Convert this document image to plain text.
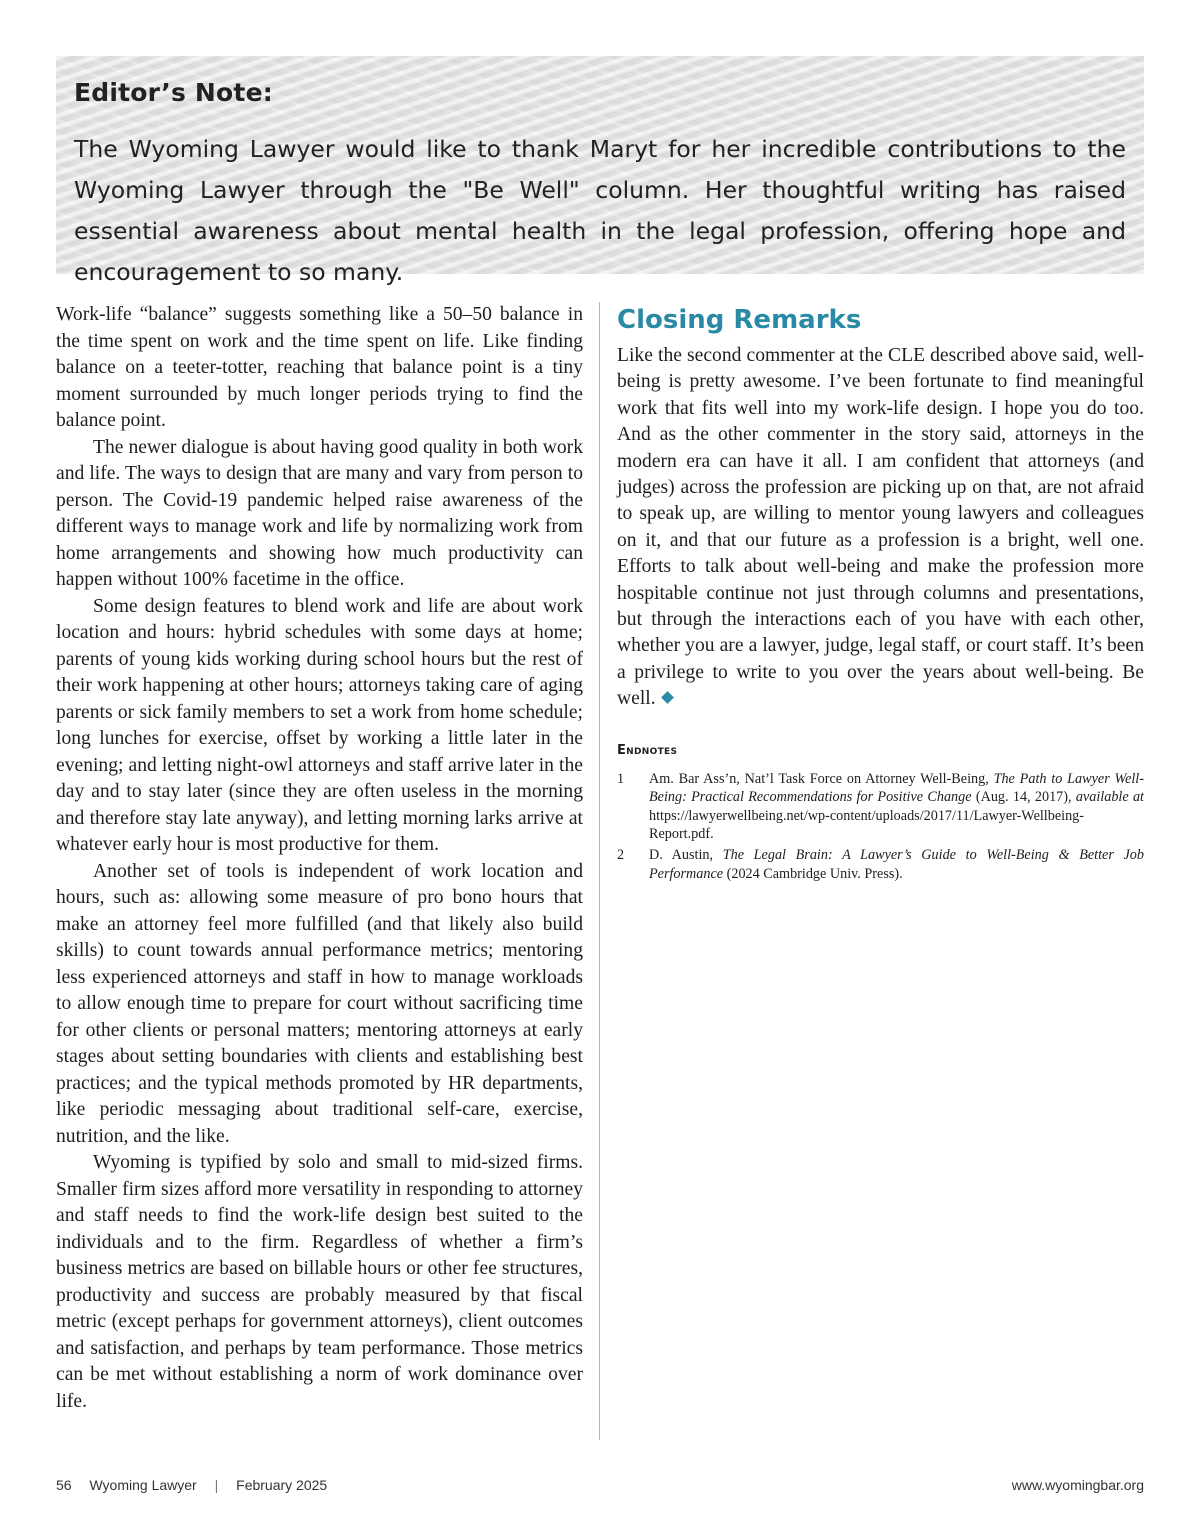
Editor’s Note:

The Wyoming Lawyer would like to thank Maryt for her incredible contributions to the Wyoming Lawyer through the "Be Well" column. Her thoughtful writing has raised essential awareness about mental health in the legal profession, offering hope and encouragement to so many.

Work-life “balance” suggests something like a 50–50 balance in the time spent on work and the time spent on life. Like finding balance on a teeter-totter, reaching that balance point is a tiny moment surrounded by much longer periods trying to find the balance point.

The newer dialogue is about having good quality in both work and life. The ways to design that are many and vary from person to person. The Covid-19 pandemic helped raise awareness of the different ways to manage work and life by normalizing work from home arrangements and showing how much productivity can happen without 100% facetime in the office.

Some design features to blend work and life are about work location and hours: hybrid schedules with some days at home; parents of young kids working during school hours but the rest of their work happening at other hours; attorneys taking care of aging parents or sick family members to set a work from home schedule; long lunches for exercise, offset by working a little later in the evening; and letting night-owl attorneys and staff arrive later in the day and to stay later (since they are often useless in the morning and therefore stay late anyway), and letting morning larks arrive at whatever early hour is most productive for them.

Another set of tools is independent of work location and hours, such as: allowing some measure of pro bono hours that make an attorney feel more fulfilled (and that likely also build skills) to count towards annual performance metrics; mentoring less experienced attorneys and staff in how to manage workloads to allow enough time to prepare for court without sacrificing time for other clients or personal matters; mentoring attorneys at early stages about setting boundaries with clients and establishing best practices; and the typical methods promoted by HR departments, like periodic messaging about traditional self-care, exercise, nutrition, and the like.

Wyoming is typified by solo and small to mid-sized firms. Smaller firm sizes afford more versatility in responding to attorney and staff needs to find the work-life design best suited to the individuals and to the firm. Regardless of whether a firm’s business metrics are based on billable hours or other fee structures, productivity and success are probably measured by that fiscal metric (except perhaps for government attorneys), client outcomes and satisfaction, and perhaps by team performance. Those metrics can be met without establishing a norm of work dominance over life.

Closing Remarks

Like the second commenter at the CLE described above said, well-being is pretty awesome. I’ve been fortunate to find meaningful work that fits well into my work-life design. I hope you do too. And as the other commenter in the story said, attorneys in the modern era can have it all. I am confident that attorneys (and judges) across the profession are picking up on that, are not afraid to speak up, are willing to mentor young lawyers and colleagues on it, and that our future as a profession is a bright, well one. Efforts to talk about well-being and make the profession more hospitable continue not just through columns and presentations, but through the interactions each of you have with each other, whether you are a lawyer, judge, legal staff, or court staff. It’s been a privilege to write to you over the years about well-being. Be well.

Endnotes
1	Am. Bar Ass’n, Nat’l Task Force on Attorney Well-Being, The Path to Lawyer Well-Being: Practical Recommendations for Positive Change (Aug. 14, 2017), available at https://lawyerwellbeing.net/wp-content/uploads/2017/11/Lawyer-Wellbeing-Report.pdf.
2	D. Austin, The Legal Brain: A Lawyer’s Guide to Well-Being & Better Job Performance (2024 Cambridge Univ. Press).
56 Wyoming Lawyer | February 2025	www.wyomingbar.org
